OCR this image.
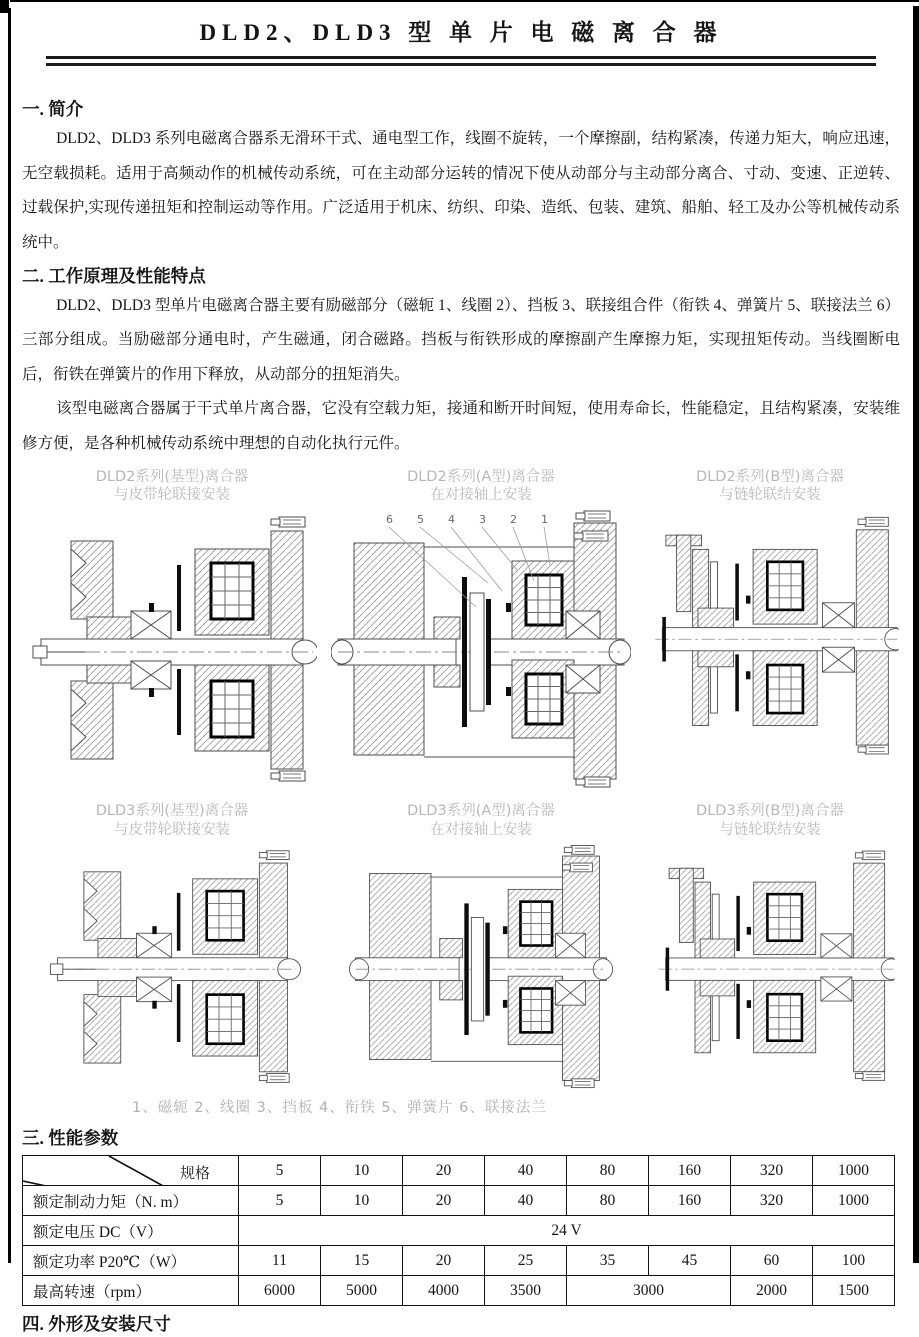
DLD2、DLD3 型 单 片 电 磁 离 合 器
一. 简介

DLD2、DLD3 系列电磁离合器系无滑环干式、通电型工作，线圈不旋转，一个摩擦副，结构紧凑，传递力矩大，响应迅速，无空载损耗。适用于高频动作的机械传动系统，可在主动部分运转的情况下使从动部分与主动部分离合、寸动、变速、正逆转、过载保护,实现传递扭矩和控制运动等作用。广泛适用于机床、纺织、印染、造纸、包装、建筑、船舶、轻工及办公等机械传动系统中。

二. 工作原理及性能特点

DLD2、DLD3 型单片电磁离合器主要有励磁部分（磁轭 1、线圈 2）、挡板 3、联接组合件（衔铁 4、弹簧片 5、联接法兰 6）三部分组成。当励磁部分通电时，产生磁通，闭合磁路。挡板与衔铁形成的摩擦副产生摩擦力矩，实现扭矩传动。当线圈断电后，衔铁在弹簧片的作用下释放，从动部分的扭矩消失。

该型电磁离合器属于干式单片离合器，它没有空载力矩，接通和断开时间短，使用寿命长，性能稳定，且结构紧凑，安装维修方便，是各种机械传动系统中理想的自动化执行元件。

DLD2系列(基型)离合器
与皮带轮联接安装
DLD2系列(A型)离合器
在对接轴上安装
6 5 4 3 2 1
DLD2系列(B型)离合器
与链轮联结安装
DLD3系列(基型)离合器
与皮带轮联接安装
DLD3系列(A型)离合器
在对接轴上安装
DLD3系列(B型)离合器
与链轮联结安装
1、磁轭 2、线圈 3、挡板 4、衔铁 5、弹簧片 6、联接法兰
三. 性能参数
规格	5	10	20	40	80	160	320	1000
额定制动力矩（N. m）	5	10	20	40	80	160	320	1000
额定电压 DC（V）	24 V							
额定功率 P20℃（W）	11	15	20	25	35	45	60	100
最高转速（rpm）	6000	5000	4000	3500	3000		2000	1500
四. 外形及安装尺寸
